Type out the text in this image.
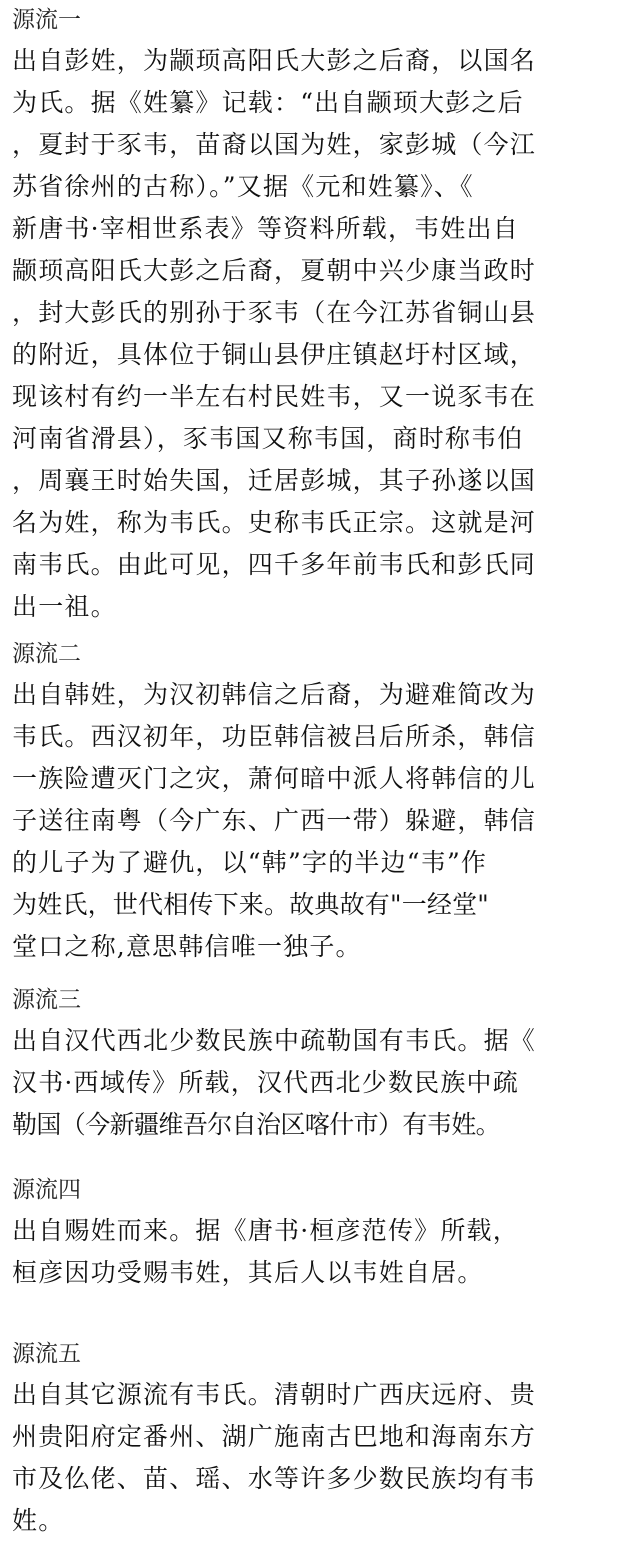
源流一
出自彭姓，为颛顼高阳氏大彭之后裔，以国名
为氏。据《姓纂》记载：“出自颛顼大彭之后
，夏封于豕韦，苗裔以国为姓，家彭城（今江
苏省徐州的古称）。”又据《元和姓纂》、《
新唐书·宰相世系表》等资料所载，韦姓出自
颛顼高阳氏大彭之后裔，夏朝中兴少康当政时
，封大彭氏的别孙于豕韦（在今江苏省铜山县
的附近，具体位于铜山县伊庄镇赵圩村区域，
现该村有约一半左右村民姓韦，又一说豕韦在
河南省滑县），豕韦国又称韦国，商时称韦伯
，周襄王时始失国，迁居彭城，其子孙遂以国
名为姓，称为韦氏。史称韦氏正宗。这就是河
南韦氏。由此可见，四千多年前韦氏和彭氏同
出一祖。
源流二
出自韩姓，为汉初韩信之后裔，为避难简改为
韦氏。西汉初年，功臣韩信被吕后所杀，韩信
一族险遭灭门之灾，萧何暗中派人将韩信的儿
子送往南粤（今广东、广西一带）躲避，韩信
的儿子为了避仇，以“韩”字的半边“韦”作
为姓氏，世代相传下来。故典故有"一经堂"
堂口之称,意思韩信唯一独子。
源流三
出自汉代西北少数民族中疏勒国有韦氏。据《
汉书·西域传》所载，汉代西北少数民族中疏
勒国（今新疆维吾尔自治区喀什市）有韦姓。
源流四
出自赐姓而来。据《唐书·桓彦范传》所载，
桓彦因功受赐韦姓，其后人以韦姓自居。
源流五
出自其它源流有韦氏。清朝时广西庆远府、贵
州贵阳府定番州、湖广施南古巴地和海南东方
市及仫佬、苗、瑶、水等许多少数民族均有韦
姓。
